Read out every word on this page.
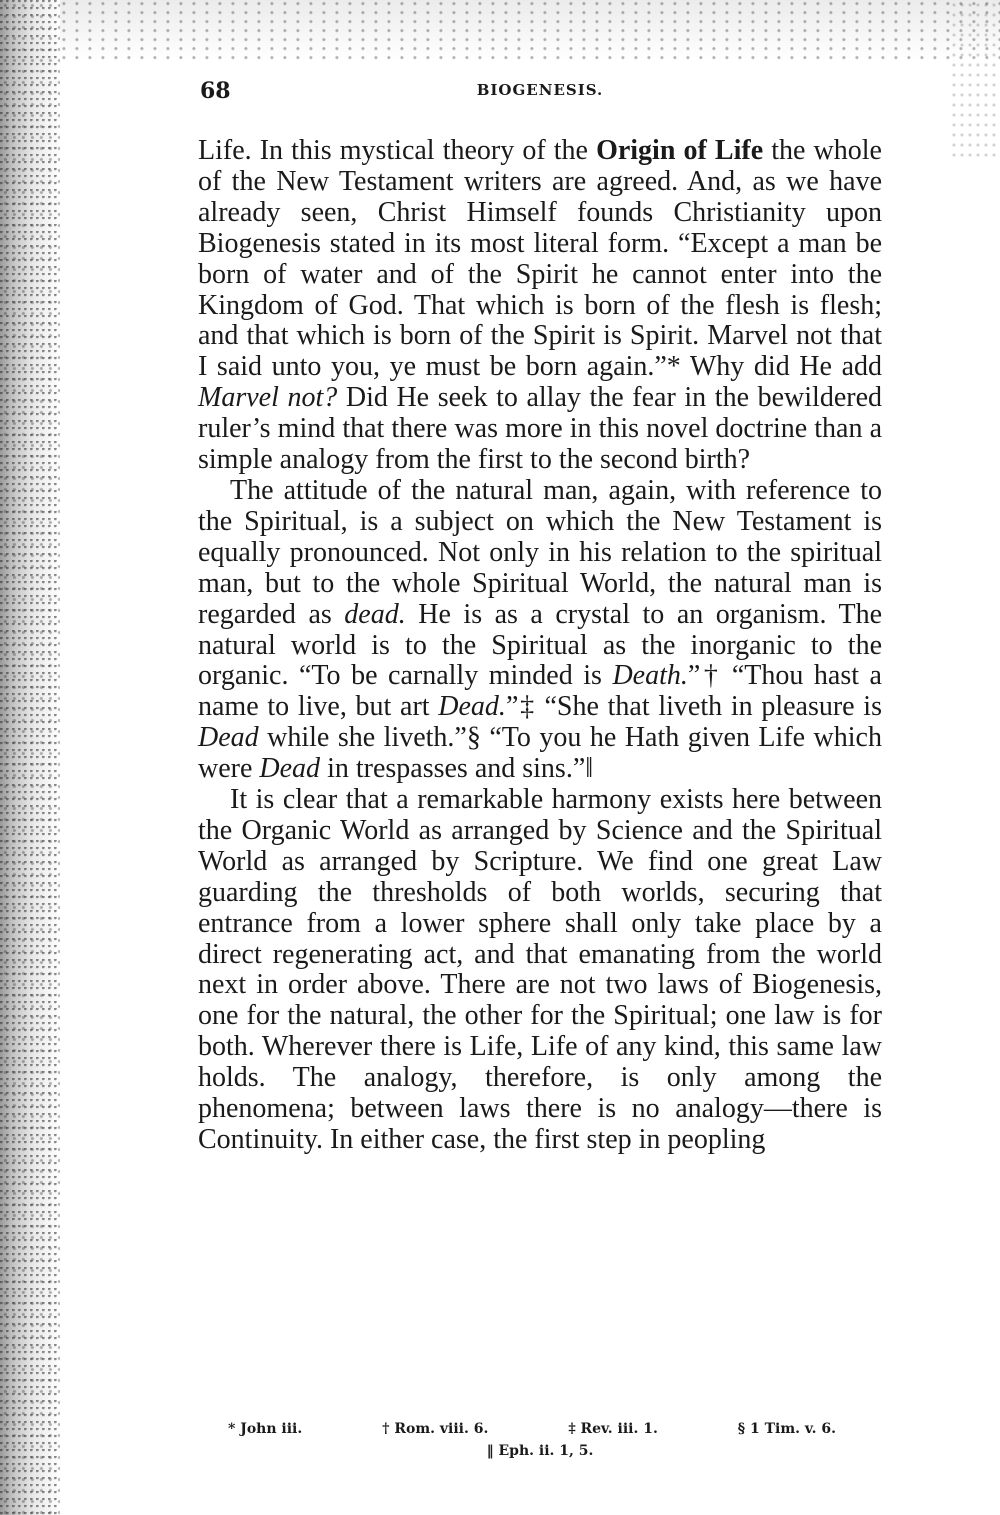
68	BIOGENESIS.

Life. In this mystical theory of the Origin of Life the whole of the New Testament writers are agreed. And, as we have already seen, Christ Himself founds Christianity upon Biogenesis stated in its most literal form. “Except a man be born of water and of the Spirit he cannot enter into the Kingdom of God. That which is born of the flesh is flesh; and that which is born of the Spirit is Spirit. Marvel not that I said unto you, ye must be born again.”* Why did He add Marvel not? Did He seek to allay the fear in the bewildered ruler’s mind that there was more in this novel doctrine than a simple analogy from the first to the second birth?

The attitude of the natural man, again, with reference to the Spiritual, is a subject on which the New Testament is equally pronounced. Not only in his relation to the spiritual man, but to the whole Spiritual World, the natural man is regarded as dead. He is as a crystal to an organism. The natural world is to the Spiritual as the inorganic to the organic. “To be carnally minded is Death.”† “Thou hast a name to live, but art Dead.”‡ “She that liveth in pleasure is Dead while she liveth.”§ “To you he Hath given Life which were Dead in trespasses and sins.”‖

It is clear that a remarkable harmony exists here between the Organic World as arranged by Science and the Spiritual World as arranged by Scripture. We find one great Law guarding the thresholds of both worlds, securing that entrance from a lower sphere shall only take place by a direct regenerating act, and that emanating from the world next in order above. There are not two laws of Biogenesis, one for the natural, the other for the Spiritual; one law is for both. Wherever there is Life, Life of any kind, this same law holds. The analogy, therefore, is only among the phenomena; between laws there is no analogy—there is Continuity. In either case, the first step in peopling

* John iii.	† Rom. viii. 6.	‡ Rev. iii. 1.	§ 1 Tim. v. 6.
‖ Eph. ii. 1, 5.
